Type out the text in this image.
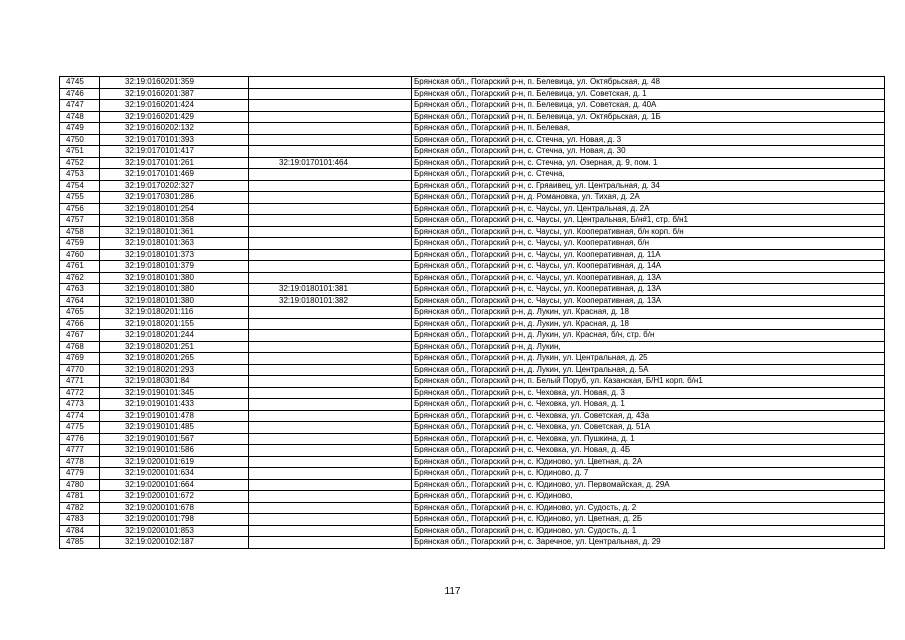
4745	32:19:0160201:359		Брянская обл., Погарский р-н, п. Белевица, ул. Октябрьская, д. 48
4746	32:19:0160201:387		Брянская обл., Погарский р-н, п. Белевица, ул. Советская, д. 1
4747	32:19:0160201:424		Брянская обл., Погарский р-н, п. Белевица, ул. Советская, д. 40А
4748	32:19:0160201:429		Брянская обл., Погарский р-н, п. Белевица, ул. Октябрьская, д. 1Б
4749	32:19:0160202:132		Брянская обл., Погарский р-н, п. Белевая,
4750	32:19:0170101:393		Брянская обл., Погарский р-н, с. Стечна, ул. Новая, д. 3
4751	32:19:0170101:417		Брянская обл., Погарский р-н, с. Стечна, ул. Новая, д. 30
4752	32:19:0170101:261	32:19:0170101:464	Брянская обл., Погарский р-н, с. Стечна, ул. Озерная, д. 9, пом. 1
4753	32:19:0170101:469		Брянская обл., Погарский р-н, с. Стечна,
4754	32:19:0170202:327		Брянская обл., Погарский р-н, с. Гряаивец, ул. Центральная, д. 34
4755	32:19:0170301:286		Брянская обл., Погарский р-н, д. Романовка, ул. Тихая, д. 2А
4756	32:19:0180101:254		Брянская обл., Погарский р-н, с. Чаусы, ул. Центральная, д. 2А
4757	32:19:0180101:358		Брянская обл., Погарский р-н, с. Чаусы, ул. Центральная, Б/н#1, стр. б/н1
4758	32:19:0180101:361		Брянская обл., Погарский р-н, с. Чаусы, ул. Кооперативная, б/н корп. б/н
4759	32:19:0180101:363		Брянская обл., Погарский р-н, с. Чаусы, ул. Кооперативная, б/н
4760	32:19:0180101:373		Брянская обл., Погарский р-н, с. Чаусы, ул. Кооперативная, д. 11А
4761	32:19:0180101:379		Брянская обл., Погарский р-н, с. Чаусы, ул. Кооперативная, д. 14А
4762	32:19:0180101:380		Брянская обл., Погарский р-н, с. Чаусы, ул. Кооперативная, д. 13А
4763	32:19:0180101:380	32:19:0180101:381	Брянская обл., Погарский р-н, с. Чаусы, ул. Кооперативная, д. 13А
4764	32:19:0180101:380	32:19:0180101:382	Брянская обл., Погарский р-н, с. Чаусы, ул. Кооперативная, д. 13А
4765	32:19:0180201:116		Брянская обл., Погарский р-н, д. Лукин, ул. Красная, д. 18
4766	32:19:0180201:155		Брянская обл., Погарский р-н, д. Лукин, ул. Красная, д. 18
4767	32:19:0180201:244		Брянская обл., Погарский р-н, д. Лукин, ул. Красная, б/н, стр. б/н
4768	32:19:0180201:251		Брянская обл., Погарский р-н, д. Лукин,
4769	32:19:0180201:265		Брянская обл., Погарский р-н, д. Лукин, ул. Центральная, д. 25
4770	32:19:0180201:293		Брянская обл., Погарский р-н, д. Лукин, ул. Центральная, д. 5А
4771	32:19:0180301:84		Брянская обл., Погарский р-н, п. Белый Поруб, ул. Казанская, Б/Н1 корп. б/н1
4772	32:19:0190101:345		Брянская обл., Погарский р-н, с. Чеховка, ул. Новая, д. 3
4773	32:19:0190101:433		Брянская обл., Погарский р-н, с. Чеховка, ул. Новая, д. 1
4774	32:19:0190101:478		Брянская обл., Погарский р-н, с. Чеховка, ул. Советская, д. 43а
4775	32:19:0190101:485		Брянская обл., Погарский р-н, с. Чеховка, ул. Советская, д. 51А
4776	32:19:0190101:567		Брянская обл., Погарский р-н, с. Чеховка, ул. Пушкина, д. 1
4777	32:19:0190101:586		Брянская обл., Погарский р-н, с. Чеховка, ул. Новая, д. 4Б
4778	32:19:0200101:619		Брянская обл., Погарский р-н, с. Юдиново, ул. Цветная, д. 2А
4779	32:19:0200101:634		Брянская обл., Погарский р-н, с. Юдиново, д. 7
4780	32:19:0200101:664		Брянская обл., Погарский р-н, с. Юдиново, ул. Первомайская, д. 29А
4781	32:19:0200101:672		Брянская обл., Погарский р-н, с. Юдиново,
4782	32:19:0200101:678		Брянская обл., Погарский р-н, с. Юдиново, ул. Судость, д. 2
4783	32:19:0200101:798		Брянская обл., Погарский р-н, с. Юдиново, ул. Цветная, д. 2Б
4784	32:19:0200101:853		Брянская обл., Погарский р-н, с. Юдиново, ул. Судость, д. 1
4785	32:19:0200102:187		Брянская обл., Погарский р-н, с. Заречное, ул. Центральная, д. 29
117
